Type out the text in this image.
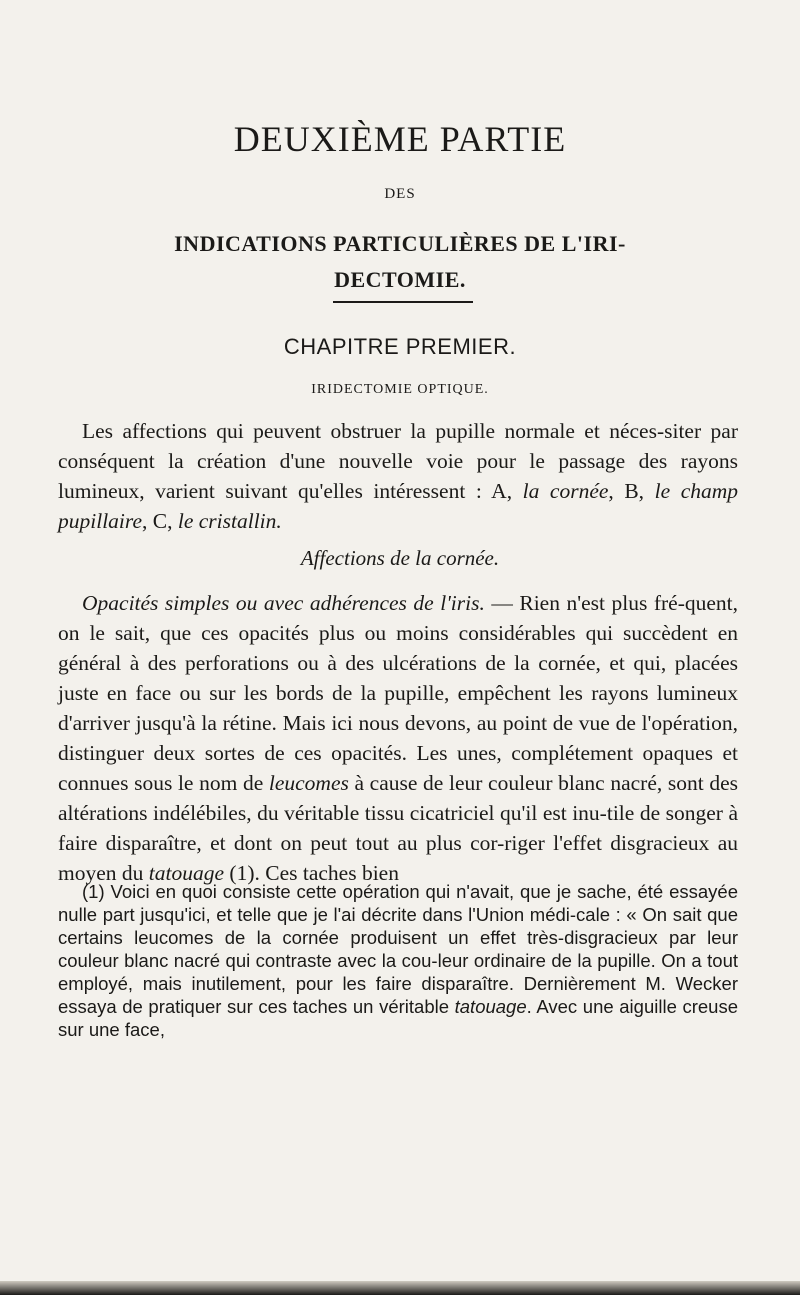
DEUXIÈME PARTIE
DES
INDICATIONS PARTICULIÈRES DE L'IRI-
DECTOMIE.
CHAPITRE PREMIER.
IRIDECTOMIE OPTIQUE.

Les affections qui peuvent obstruer la pupille normale et néces-siter par conséquent la création d'une nouvelle voie pour le passage des rayons lumineux, varient suivant qu'elles intéressent : A, la cornée, B, le champ pupillaire, C, le cristallin.

Affections de la cornée.

Opacités simples ou avec adhérences de l'iris. — Rien n'est plus fré-quent, on le sait, que ces opacités plus ou moins considérables qui succèdent en général à des perforations ou à des ulcérations de la cornée, et qui, placées juste en face ou sur les bords de la pupille, empêchent les rayons lumineux d'arriver jusqu'à la rétine. Mais ici nous devons, au point de vue de l'opération, distinguer deux sortes de ces opacités. Les unes, complétement opaques et connues sous le nom de leucomes à cause de leur couleur blanc nacré, sont des altérations indélébiles, du véritable tissu cicatriciel qu'il est inu-tile de songer à faire disparaître, et dont on peut tout au plus cor-riger l'effet disgracieux au moyen du tatouage (1). Ces taches bien

(1) Voici en quoi consiste cette opération qui n'avait, que je sache, été essayée nulle part jusqu'ici, et telle que je l'ai décrite dans l'Union médi-cale : « On sait que certains leucomes de la cornée produisent un effet très-disgracieux par leur couleur blanc nacré qui contraste avec la cou-leur ordinaire de la pupille. On a tout employé, mais inutilement, pour les faire disparaître. Dernièrement M. Wecker essaya de pratiquer sur ces taches un véritable tatouage. Avec une aiguille creuse sur une face,
